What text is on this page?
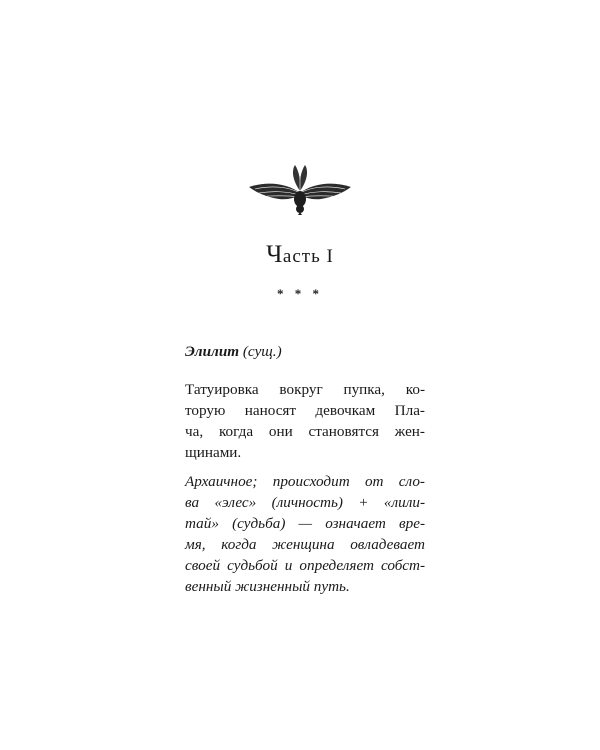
Часть I
* * *
Элилит (сущ.)
Татуировка вокруг пупка, ко-
торую наносят девочкам Пла-
ча, когда они становятся жен-
щинами.
Архаичное; происходит от сло-
ва «элес» (личность) + «лили-
тай» (судьба) — означает вре-
мя, когда женщина овладевает
своей судьбой и определяет собст-
венный жизненный путь.
